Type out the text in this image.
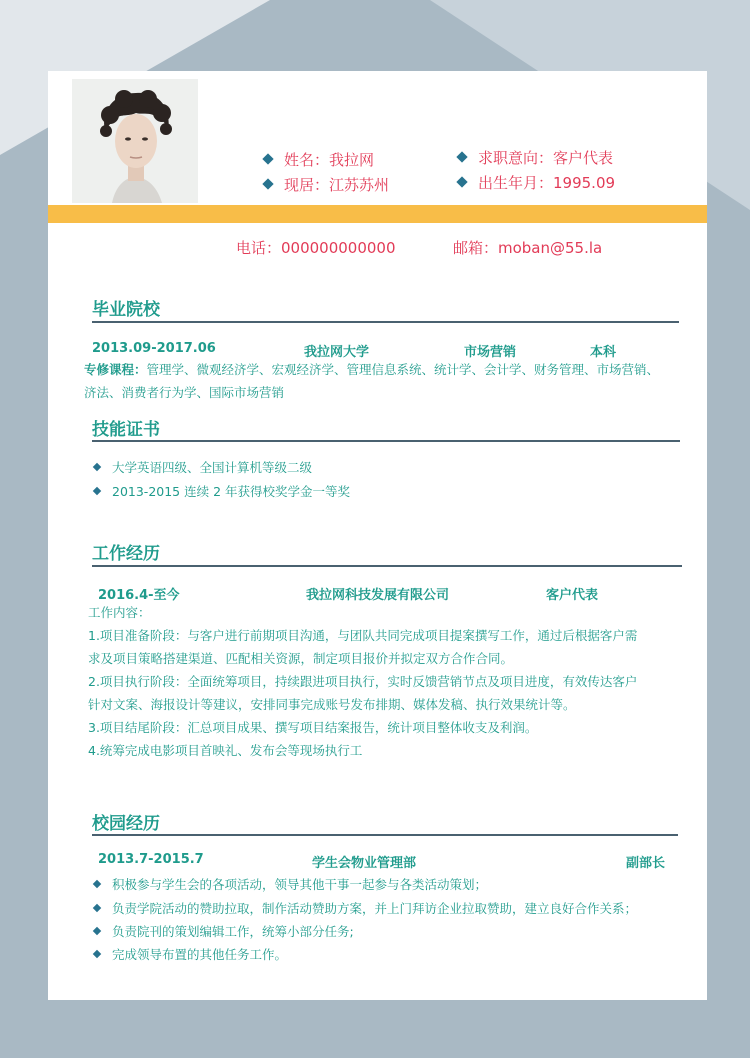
姓名：我拉网	求职意向：客户代表
现居：江苏苏州	出生年月：1995.09
电话：000000000000	邮箱：moban@55.la
毕业院校
2013.09-2017.06	我拉网大学	市场营销	本科
专修课程：管理学、微观经济学、宏观经济学、管理信息系统、统计学、会计学、财务管理、市场营销、
济法、消费者行为学、国际市场营销
技能证书
大学英语四级、全国计算机等级二级
2013-2015 连续 2 年获得校奖学金一等奖
工作经历
2016.4-至今	我拉网科技发展有限公司	客户代表
工作内容：
1.项目准备阶段：与客户进行前期项目沟通，与团队共同完成项目提案撰写工作，通过后根据客户需
求及项目策略搭建渠道、匹配相关资源，制定项目报价并拟定双方合作合同。
2.项目执行阶段：全面统筹项目，持续跟进项目执行，实时反馈营销节点及项目进度，有效传达客户
针对文案、海报设计等建议，安排同事完成账号发布排期、媒体发稿、执行效果统计等。
3.项目结尾阶段：汇总项目成果、撰写项目结案报告，统计项目整体收支及利润。
4.统筹完成电影项目首映礼、发布会等现场执行工
校园经历
2013.7-2015.7	学生会物业管理部	副部长
积极参与学生会的各项活动，领导其他干事一起参与各类活动策划；
负责学院活动的赞助拉取，制作活动赞助方案，并上门拜访企业拉取赞助，建立良好合作关系；
负责院刊的策划编辑工作，统筹小部分任务;
完成领导布置的其他任务工作。
